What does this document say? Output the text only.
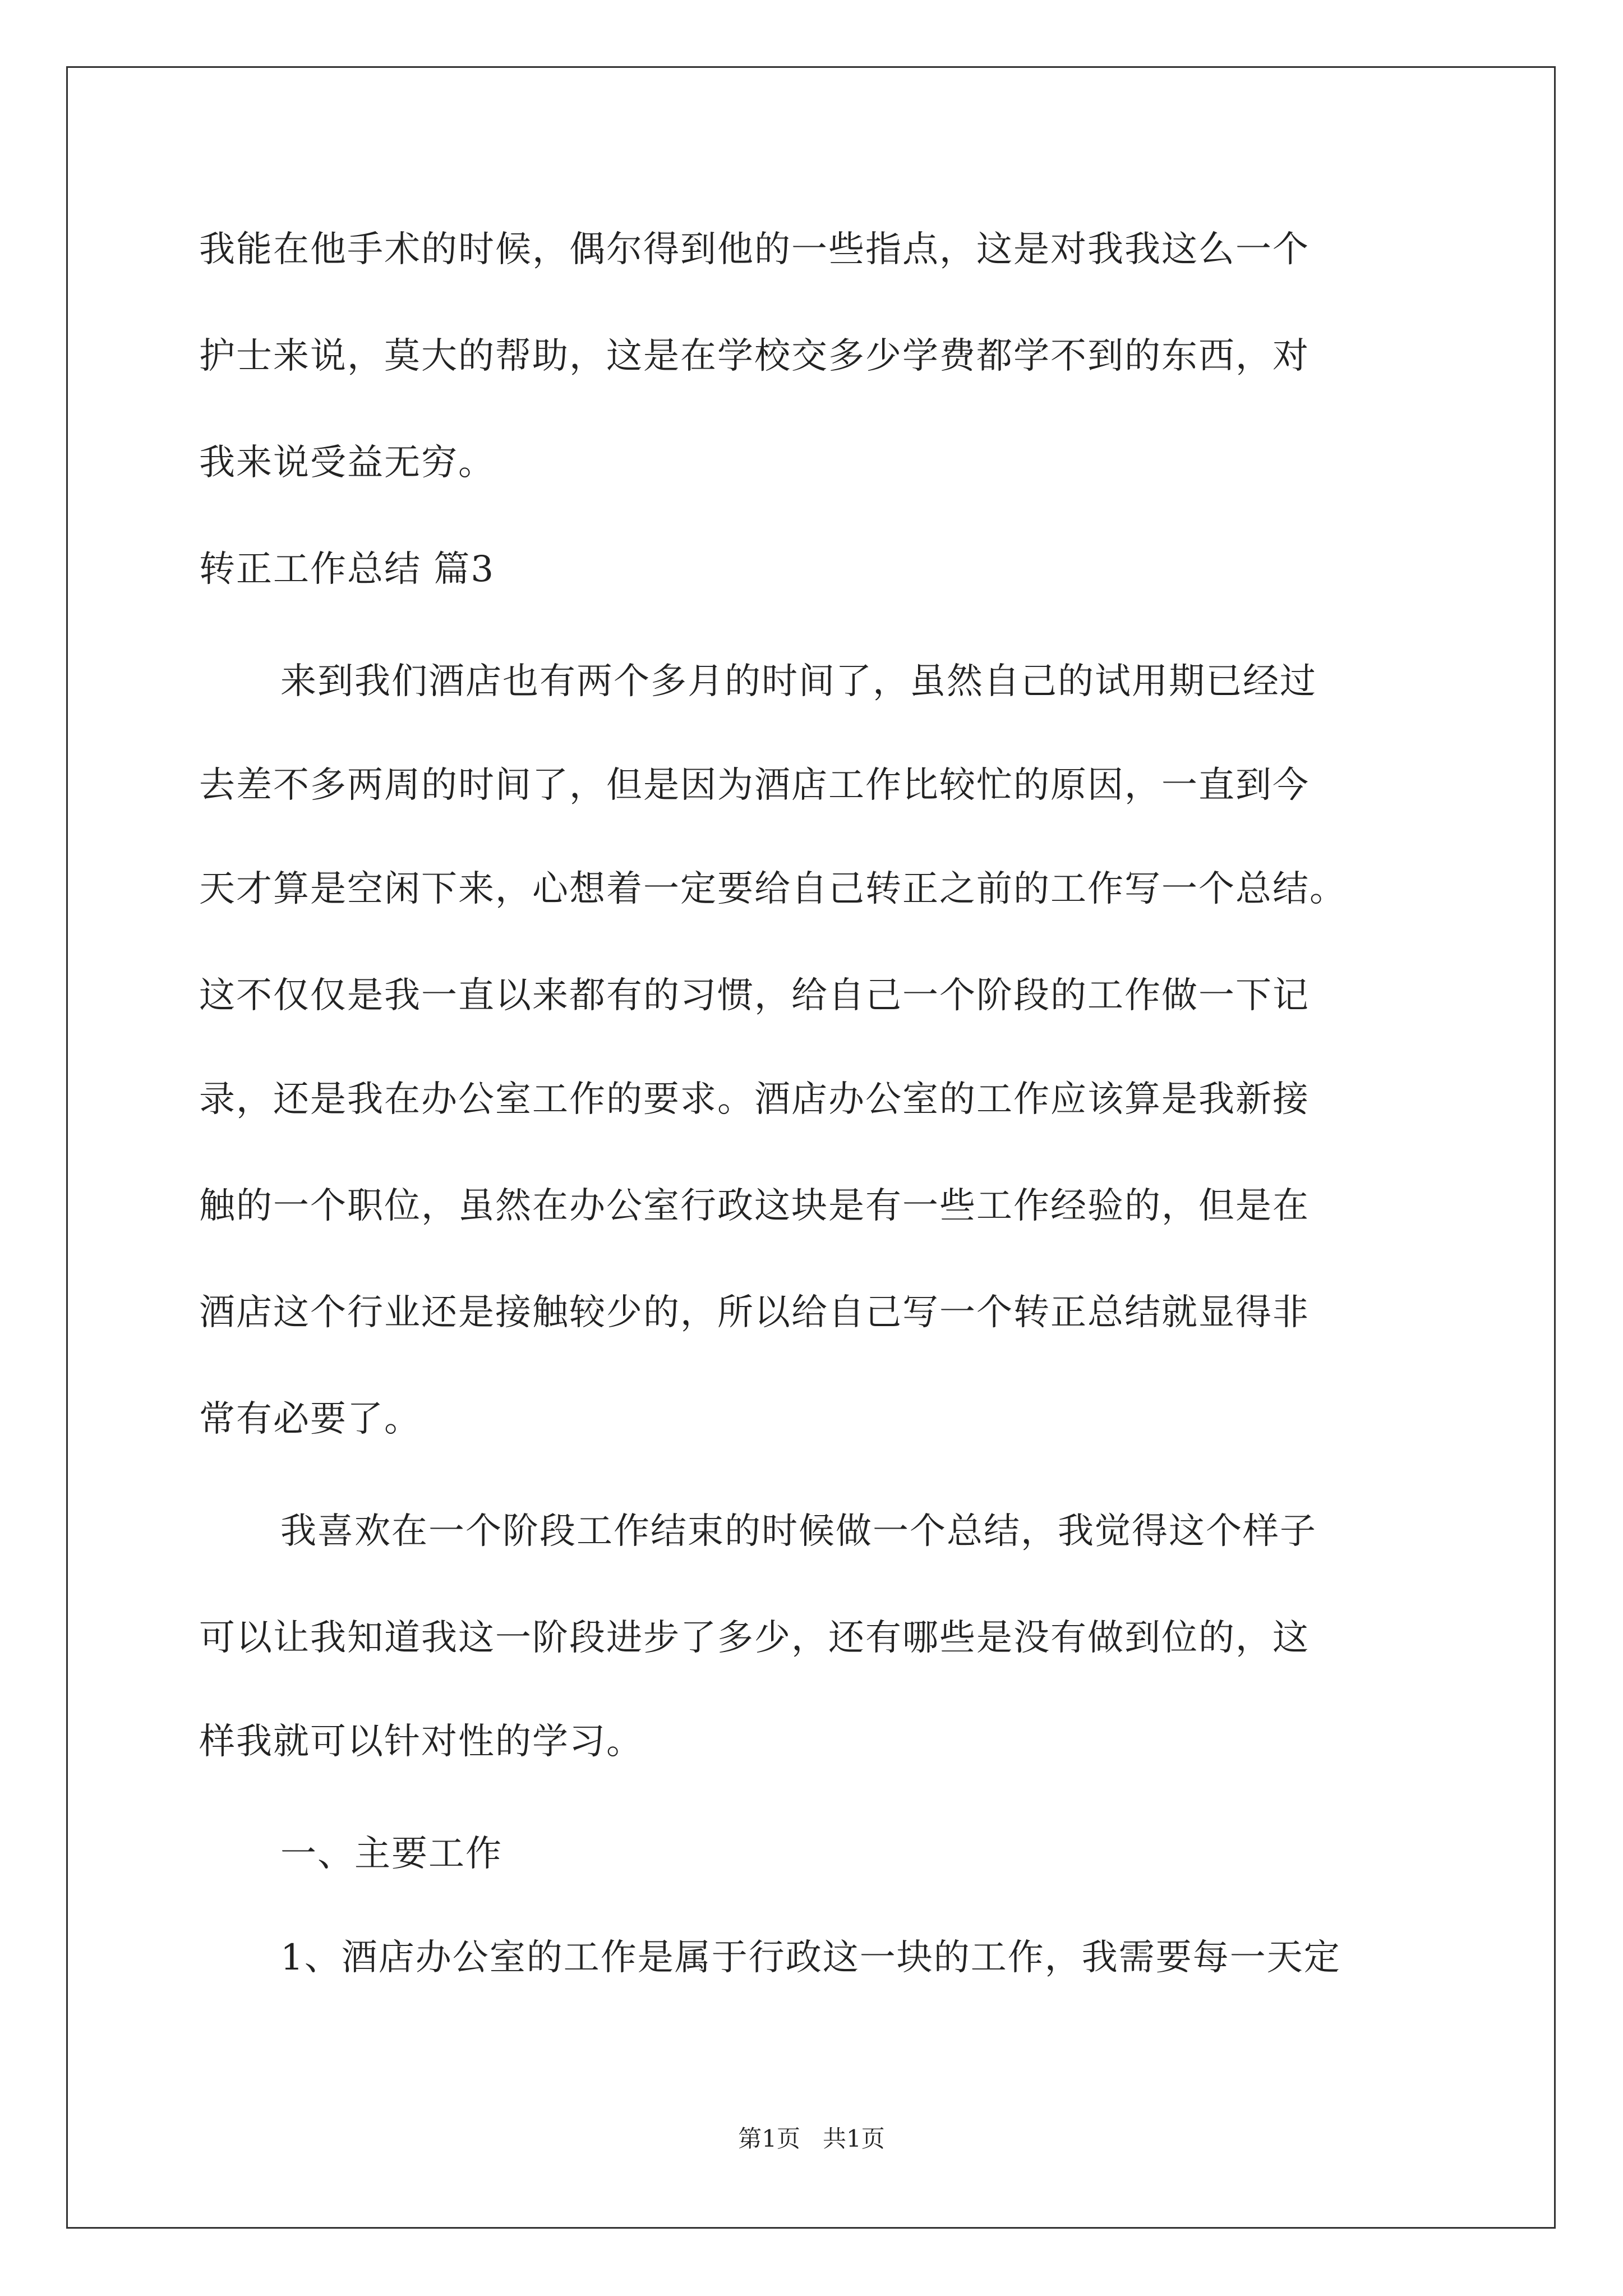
我能在他手术的时候，偶尔得到他的一些指点，这是对我我这么一个
护士来说，莫大的帮助，这是在学校交多少学费都学不到的东西，对
我来说受益无穷。
转正工作总结 篇3
来到我们酒店也有两个多月的时间了，虽然自己的试用期已经过
去差不多两周的时间了，但是因为酒店工作比较忙的原因，一直到今
天才算是空闲下来，心想着一定要给自己转正之前的工作写一个总结。
这不仅仅是我一直以来都有的习惯，给自己一个阶段的工作做一下记
录，还是我在办公室工作的要求。酒店办公室的工作应该算是我新接
触的一个职位，虽然在办公室行政这块是有一些工作经验的，但是在
酒店这个行业还是接触较少的，所以给自己写一个转正总结就显得非
常有必要了。
我喜欢在一个阶段工作结束的时候做一个总结，我觉得这个样子
可以让我知道我这一阶段进步了多少，还有哪些是没有做到位的，这
样我就可以针对性的学习。
一、主要工作
1、酒店办公室的工作是属于行政这一块的工作，我需要每一天定
第1页   共1页
